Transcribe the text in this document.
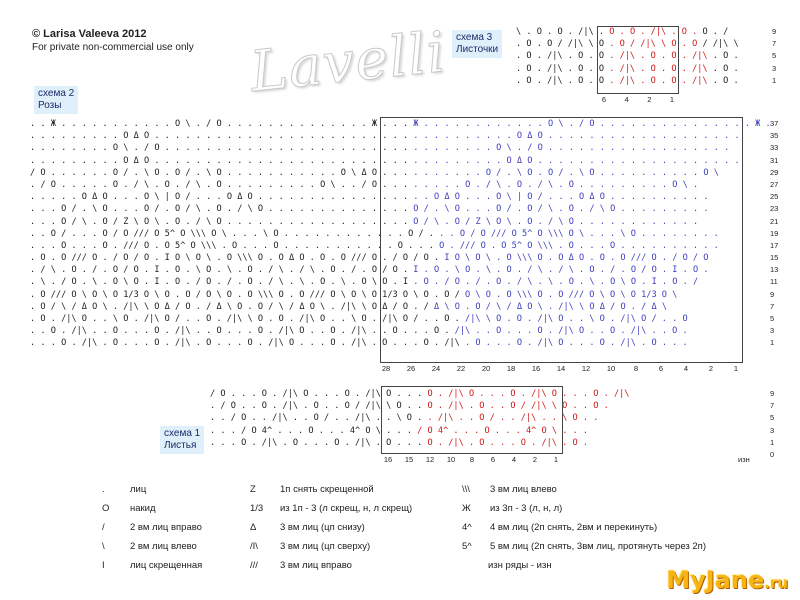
© Larisa Valeeva 2012
For private non-commercial use only Lavelli схема 3
Листочки
\ . О . О . /|\ . О . О . /|\ . О . О . /
. О . О / /|\ \ О . О / /|\ \ О . О / /|\ \
. О . /|\ . О . О . /|\ . О . О . /|\ . О .
. О . /|\ . О . О . /|\ . О . О . /|\ . О .
. О . /|\ . О . О . /|\ . О . О . /|\ . О .
9
7
5
3
1
6 4 2 1
схема 2
Розы
. . Ж . . . . . . . . . . . О \ . / О . . . . . . . . . . . . . . Ж . . . Ж . . . . . . . . . . . . О \ . / О . . . . . . . . . . . . . . . Ж .
. . . . . . . . . О Δ О . . . . . . . . . . . . . . . . . . . . . . . . . . . . . . . . . . . О Δ О . . . . . . . . . . . . . . . . . . .
. . . . . . . . О \ . / О . . . . . . . . . . . . . . . . . . . . . . . . . . . . . . . . О \ . / О . . . . . . . . . . . . . . . . . .
. . . . . . . . . О Δ О . . . . . . . . . . . . . . . . . . . . . . . . . . . . . . . . . . О Δ О . . . . . . . . . . . . . . . . . . . .
/ О . . . . . . О / . \ О . О / . \ О . . . . . . . . . . . О \ Δ О . . . . . . . . . . О / . \ О . О / . \ О . . . . . . . . . . О \
. / О . . . . . О . / \ . О . / \ . О . . . . . . . . . О \ . . / О . . . . . . . . О . / \ . О . / \ . О . . . . . . . . . О \ .
. . . . . О Δ О . . . О \ | О / . . . О Δ О . . . . . . . . . . . . . . . . . О Δ О . . . О \ | О / . . . О Δ О . . . . . . . . . .
. . . О / . \ О . . . О / . О / \ . О . / \ О . . . . . . . . . . . . . . О / . \ О . . . О / . О / \ . О . / \ О . . . . . . . . .
. . . О / \ . О / Z \ О \ . О . / \ О . . . . . . . . . . . . . . . . . . О / \ . О / Z \ О \ . О . / \ О . . . . . . . . . . . .
. . О / . . . О / О /// О 5^ О \\\ О \ . . . \ О . . . . . . . . . . . . О / . . . О / О /// О 5^ О \\\ О \ . . . \ О . . . . . . . .
. . . О . . . О . /// О . О 5^ О \\\ . О . . . О . . . . . . . . . . . О . . . О . /// О . О 5^ О \\\ . О . . . О . . . . . . . . . .
. О . О /// О . / О / О . I О \ О \ . О \\\ О . О Δ О . О . О /// О . / О / О . I О \ О \ . О \\\ О . О Δ О . О . О /// О . / О / О
. / \ . О . / . О / О . I . О . \ О . \ . О . / \ . / \ . О . / . О / О . I . О . \ О . \ . О . / \ . / \ . О . / . О / О . I . О .
. \ . / О . \ . О \ О . I . О . / О . / . О . / \ . \ . О . \ . О \ О . I . О . / О . / . О . / \ . \ . О . \ . О \ О . I . О . /
. О /// О \ О \ О 1/3 О \ О . О / О \ О . О \\\ О . О /// О \ О \ О 1/3 О \ О . О / О \ О . О \\\ О . О /// О \ О \ О 1/3 О \
. О / \ / Δ О \ . /|\ \ О Δ / О . / Δ \ О . О / \ / Δ О \ . /|\ \ О Δ / О . / Δ \ О . О / \ / Δ О \ . /|\ \ О Δ / О . / Δ \
. О . /|\ О . . \ О . /|\ О / . . О . /|\ \ О . О . /|\ О . . \ О . /|\ О / . . О . /|\ \ О . О . /|\ О . . \ О . /|\ О / . . О
. . О . /|\ . . О . . . О . /|\ . . О . . . О . /|\ О . . О . /|\ . . О . . . О . /|\ . . О . . . О . /|\ О . . О . /|\ . . О .
. . . О . /|\ . О . . . О . /|\ . О . . . О . /|\ О . . . О . /|\ . О . . . О . /|\ . О . . . О . /|\ О . . . О . /|\ . О . . .
37
35
33
31
29
27
25
23
21
19
17
15
13
11
9
7
5
3
1
28 26 24 22 20 18 16 14 12 10 8	6	4	2	1
схема 1
Листья
/ О . . . О . /|\ О . . . О . /|\ О . . . О . /|\ О . . . О . /|\ О . . . О . /|\
. / О . . О . /|\ . О . . О / /|\ \ О . . О . /|\ . О . . О / /|\ \ О . . О .
. . / О . . /|\ . . О / . . /|\ . . \ О . . /|\ . . О / . . /|\ . . \ О . .
. . . / О 4^ . . . О . . . 4^ О \ . . . / О 4^ . . . О . . . 4^ О \ . . .
. . . О . /|\ . О . . . О . /|\ . О . . . О . /|\ . О . . . О . /|\ . О .
9
7
5
3
1
0
16 15 12 10 8 6 4 2 1	изн
.	лиц
О накид
/	2 вм лиц вправо
\	2 вм лиц влево
I	лиц скрещенная
Z	1п снять скрещенной
1/3 из 1п - 3 (л скрещ, н, л скрещ)
Δ 3 вм лиц (цп снизу)
/I\ 3 вм лиц (цп сверху)
/// 3 вм лиц вправо
\\\ 3 вм лиц влево
Ж из 3п - 3 (л, н, л)
4^ 4 вм лиц (2п снять, 2вм и перекинуть)
5^ 5 вм лиц (2п снять, 3вм лиц, протянуть через 2п)
изн ряды - изн
MyJane.ru
